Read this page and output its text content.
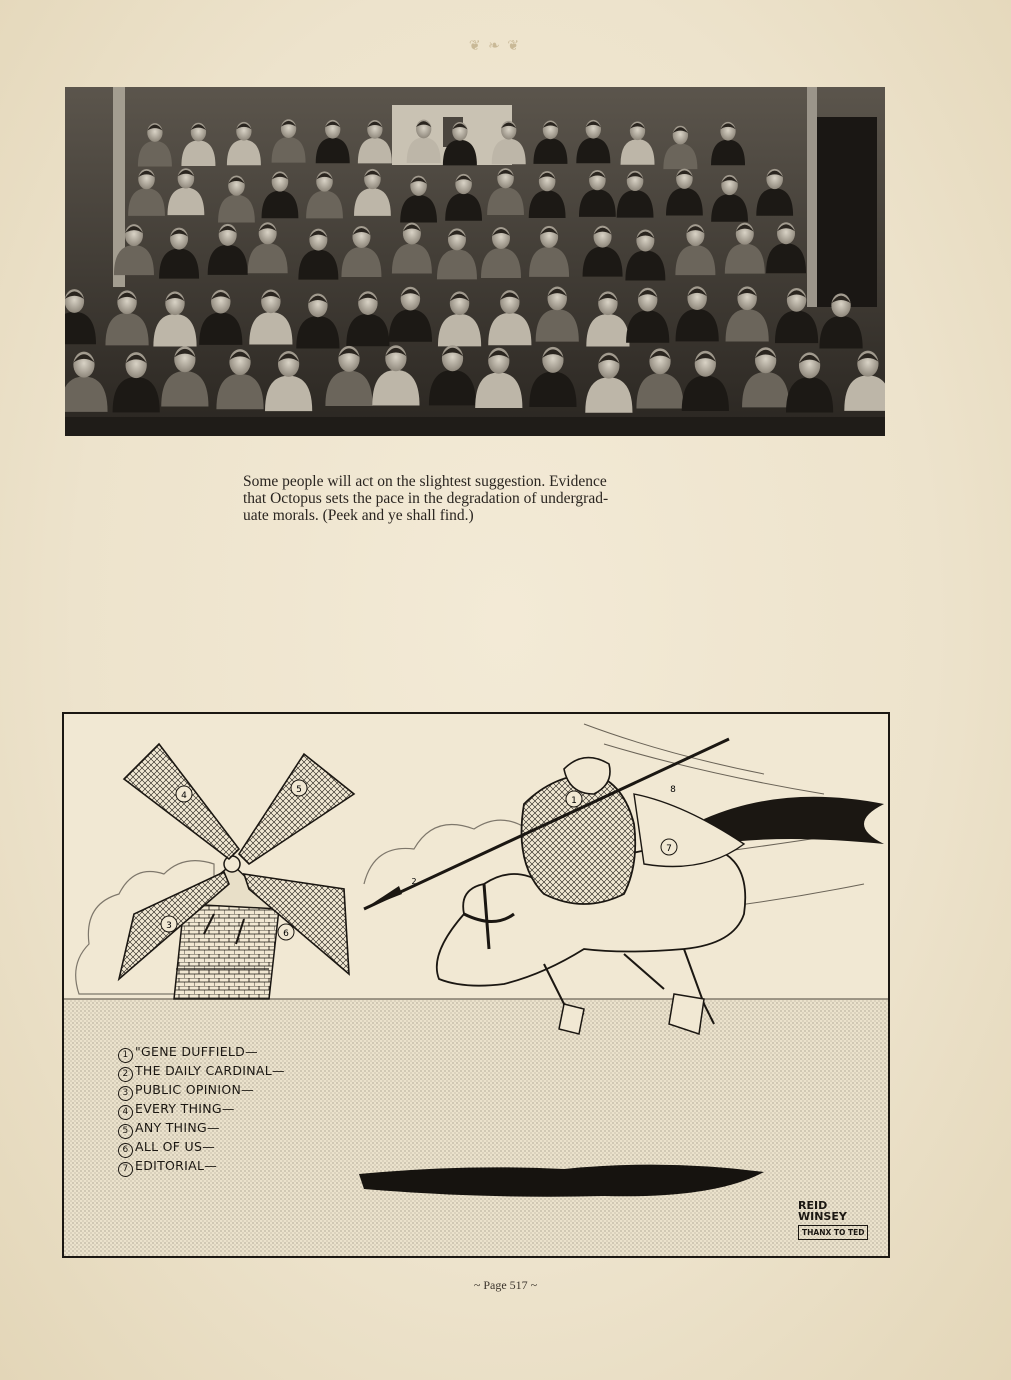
❦ ❧ ❦
Some people will act on the slightest suggestion. Evidence
that Octopus sets the pace in the degradation of undergrad-
uate morals. (Peek and ye shall find.)
4
5
3
6
1
7
2
8
1 "GENE DUFFIELD—
2 THE DAILY CARDINAL—
3 PUBLIC OPINION—
4 EVERY THING—
5 ANY THING—
6 ALL OF US—
7 EDITORIAL—
REID
WINSEY
THANX TO TED
~ Page 517 ~
